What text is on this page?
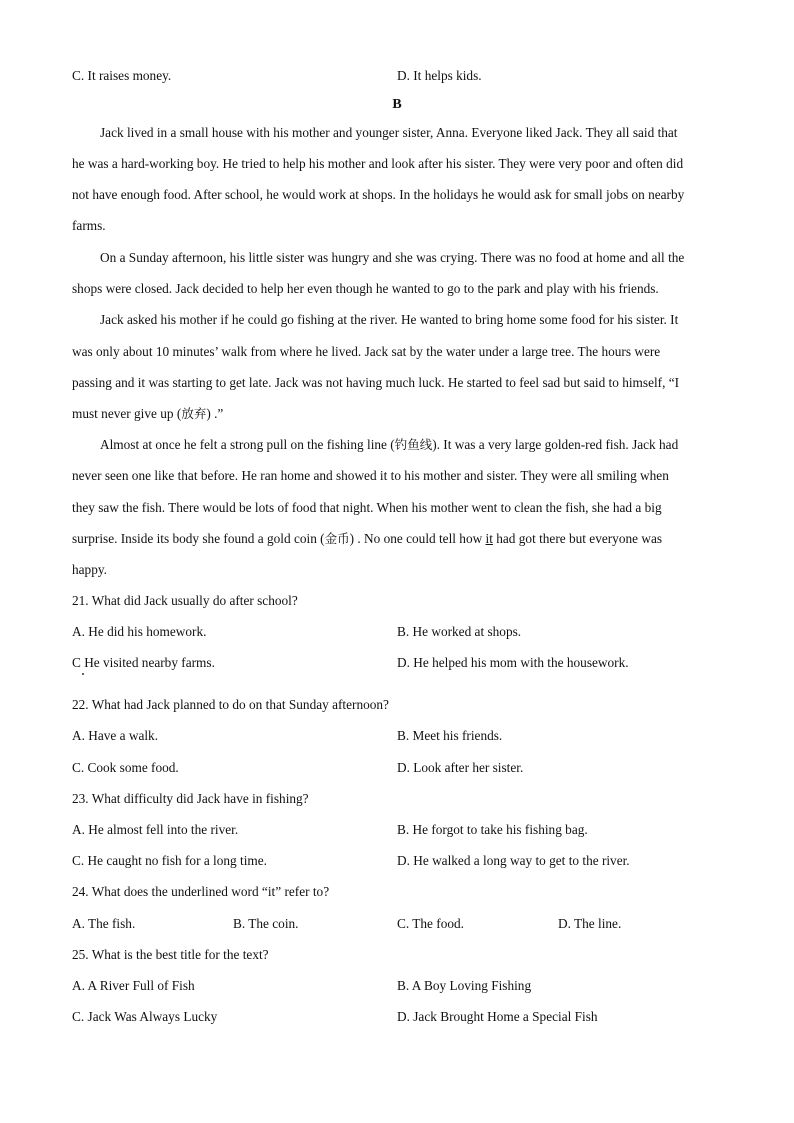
C. It raises money.	D. It helps kids.
B
Jack lived in a small house with his mother and younger sister, Anna. Everyone liked Jack. They all said that
he was a hard-working boy. He tried to help his mother and look after his sister. They were very poor and often did
not have enough food. After school, he would work at shops. In the holidays he would ask for small jobs on nearby
farms.
On a Sunday afternoon, his little sister was hungry and she was crying. There was no food at home and all the
shops were closed. Jack decided to help her even though he wanted to go to the park and play with his friends.
Jack asked his mother if he could go fishing at the river. He wanted to bring home some food for his sister. It
was only about 10 minutes’ walk from where he lived. Jack sat by the water under a large tree. The hours were
passing and it was starting to get late. Jack was not having much luck. He started to feel sad but said to himself, “I
must never give up (放弃) .”
Almost at once he felt a strong pull on the fishing line (钓鱼线). It was a very large golden-red fish. Jack had
never seen one like that before. He ran home and showed it to his mother and sister. They were all smiling when
they saw the fish. There would be lots of food that night. When his mother went to clean the fish, she had a big
surprise. Inside its body she found a gold coin (金币) . No one could tell how it had got there but everyone was
happy.
21. What did Jack usually do after school?
A. He did his homework.	B. He worked at shops.
C He visited nearby farms.	D. He helped his mom with the housework.
22. What had Jack planned to do on that Sunday afternoon?
A. Have a walk.	B. Meet his friends.
C. Cook some food.	D. Look after her sister.
23. What difficulty did Jack have in fishing?
A. He almost fell into the river.	B. He forgot to take his fishing bag.
C. He caught no fish for a long time.	D. He walked a long way to get to the river.
24. What does the underlined word “it” refer to?
A. The fish.	B. The coin.	C. The food.	D. The line.
25. What is the best title for the text?
A. A River Full of Fish	B. A Boy Loving Fishing
C. Jack Was Always Lucky	D. Jack Brought Home a Special Fish
